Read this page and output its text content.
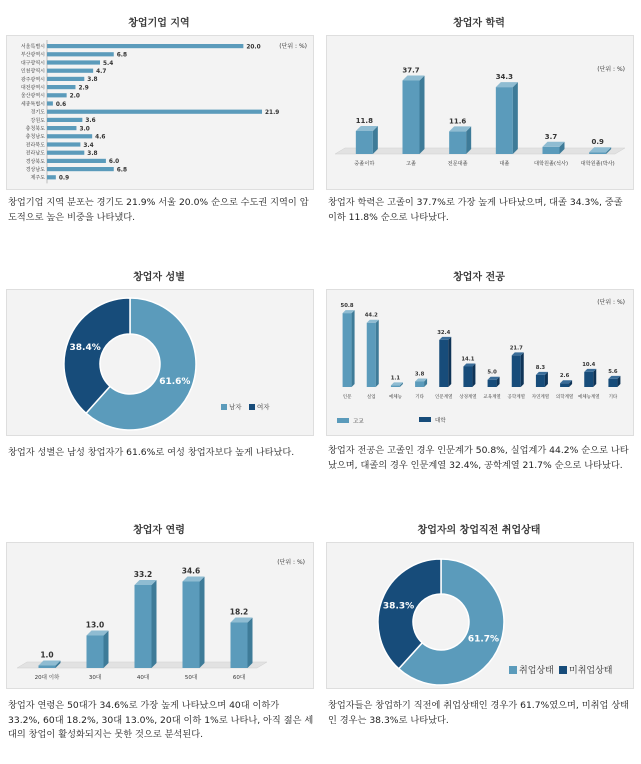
창업기업 지역
(단위 : %)
서울특별시	20.0
부산광역시	6.8
대구광역시	5.4
인천광역시	4.7
광주광역시	3.8
대전광역시	2.9
울산광역시	2.0
세종특별시 0.6
경기도	21.9
강원도	3.6
충청북도	3.0
충청남도	4.6
전라북도	3.4
전라남도	3.8
경상북도	6.0
경상남도	6.8
제주도 0.9
창업기업 지역 분포는 경기도 21.9% 서울 20.0% 순으로 수도권 지역이 압도적으로 높은 비중을 나타냈다.
창업자 학력
(단위 : %)
11.8
중졸이하
37.7
고졸
11.6
전문대졸
34.3
대졸
3.7
대학원졸(석사)
0.9
대학원졸(박사)
창업자 학력은 고졸이 37.7%로 가장 높게 나타났으며, 대졸 34.3%, 중졸 이하 11.8% 순으로 나타났다.
창업자 성별
61.6%
38.4%
남자 여자
창업자 성별은 남성 창업자가 61.6%로 여성 창업자보다 높게 나타났다.
창업자 전공
(단위 : %)
50.8
인문
44.2
실업
1.1
예체능
3.8
기타
32.4
인문계열
14.1
상경계열
5.0
교육계열
21.7
공학계열
8.3
자연계열
2.6
의학계열
10.4
예체능계열
5.6
기타
고교	대학
창업자 전공은 고졸인 경우 인문계가 50.8%, 실업계가 44.2% 순으로 나타났으며, 대졸의 경우 인문계열 32.4%, 공학계열 21.7% 순으로 나타났다.
창업자 연령
(단위 : %)
1.0
20대 이하
13.0
30대
33.2
40대
34.6
50대
18.2
60대
창업자 연령은 50대가 34.6%로 가장 높게 나타났으며 40대 이하가 33.2%, 60대 18.2%, 30대 13.0%, 20대 이하 1%로 나타나, 아직 젊은 세대의 창업이 활성화되지는 못한 것으로 분석된다.
창업자의 창업직전 취업상태
61.7%
38.3%
취업상태 미취업상태
창업자들은 창업하기 직전에 취업상태인 경우가 61.7%였으며, 미취업 상태인 경우는 38.3%로 나타났다.
